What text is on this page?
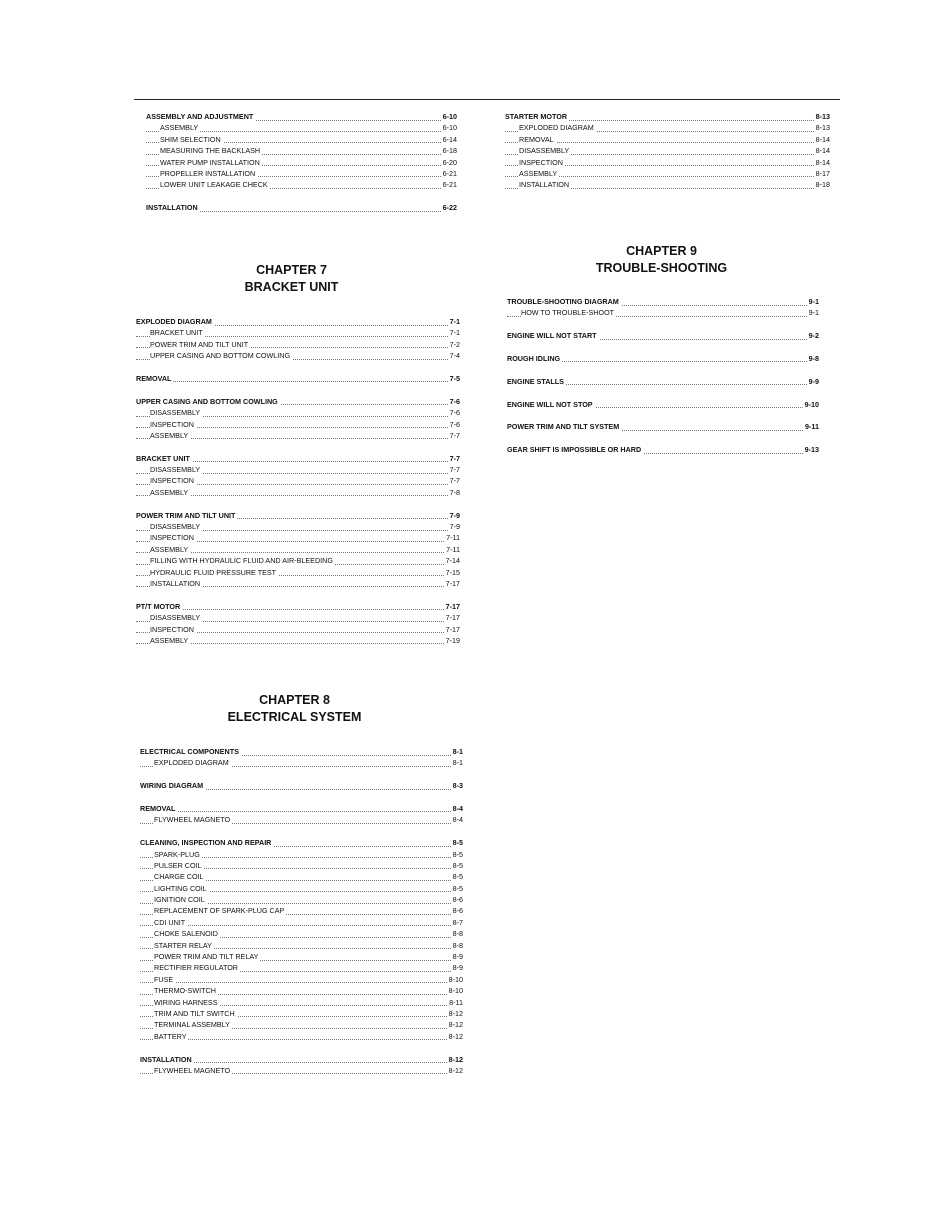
ASSEMBLY AND ADJUSTMENT	6-10
ASSEMBLY	6-10
SHIM SELECTION	6-14
MEASURING THE BACKLASH	6-18
WATER PUMP INSTALLATION	6-20
PROPELLER INSTALLATION	6-21
LOWER UNIT LEAKAGE CHECK	6-21
INSTALLATION	6-22
CHAPTER 7
BRACKET UNIT
EXPLODED DIAGRAM	7-1
BRACKET UNIT	7-1
POWER TRIM AND TILT UNIT	7-2
UPPER CASING AND BOTTOM COWLING	7-4
REMOVAL	7-5
UPPER CASING AND BOTTOM COWLING	7-6
DISASSEMBLY	7-6
INSPECTION	7-6
ASSEMBLY	7-7
BRACKET UNIT	7-7
DISASSEMBLY	7-7
INSPECTION	7-7
ASSEMBLY	7-8
POWER TRIM AND TILT UNIT	7-9
DISASSEMBLY	7-9
INSPECTION	7-11
ASSEMBLY	7-11
FILLING WITH HYDRAULIC FLUID AND AIR-BLEEDING	7-14
HYDRAULIC FLUID PRESSURE TEST	7-15
INSTALLATION	7-17
PT/T MOTOR	7-17
DISASSEMBLY	7-17
INSPECTION	7-17
ASSEMBLY	7-19
CHAPTER 8
ELECTRICAL SYSTEM
ELECTRICAL COMPONENTS	8-1
EXPLODED DIAGRAM	8-1
WIRING DIAGRAM	8-3
REMOVAL	8-4
FLYWHEEL MAGNETO	8-4
CLEANING, INSPECTION AND REPAIR	8-5
SPARK-PLUG	8-5
PULSER COIL	8-5
CHARGE COIL	8-5
LIGHTING COIL	8-5
IGNITION COIL	8-6
REPLACEMENT OF SPARK-PLUG CAP	8-6
CDI UNIT	8-7
CHOKE SALENOID	8-8
STARTER RELAY	8-8
POWER TRIM AND TILT RELAY	8-9
RECTIFIER REGULATOR	8-9
FUSE	8-10
THERMO-SWITCH	8-10
WIRING HARNESS	8-11
TRIM AND TILT SWITCH	8-12
TERMINAL ASSEMBLY	8-12
BATTERY	8-12
INSTALLATION	8-12
FLYWHEEL MAGNETO	8-12
STARTER MOTOR	8-13
EXPLODED DIAGRAM	8-13
REMOVAL	8-14
DISASSEMBLY	8-14
INSPECTION	8-14
ASSEMBLY	8-17
INSTALLATION	8-18
CHAPTER 9
TROUBLE-SHOOTING
TROUBLE-SHOOTING DIAGRAM	9-1
HOW TO TROUBLE-SHOOT	9-1
ENGINE WILL NOT START	9-2
ROUGH IDLING	9-8
ENGINE STALLS	9-9
ENGINE WILL NOT STOP	9-10
POWER TRIM AND TILT SYSTEM	9-11
GEAR SHIFT IS IMPOSSIBLE OR HARD	9-13
